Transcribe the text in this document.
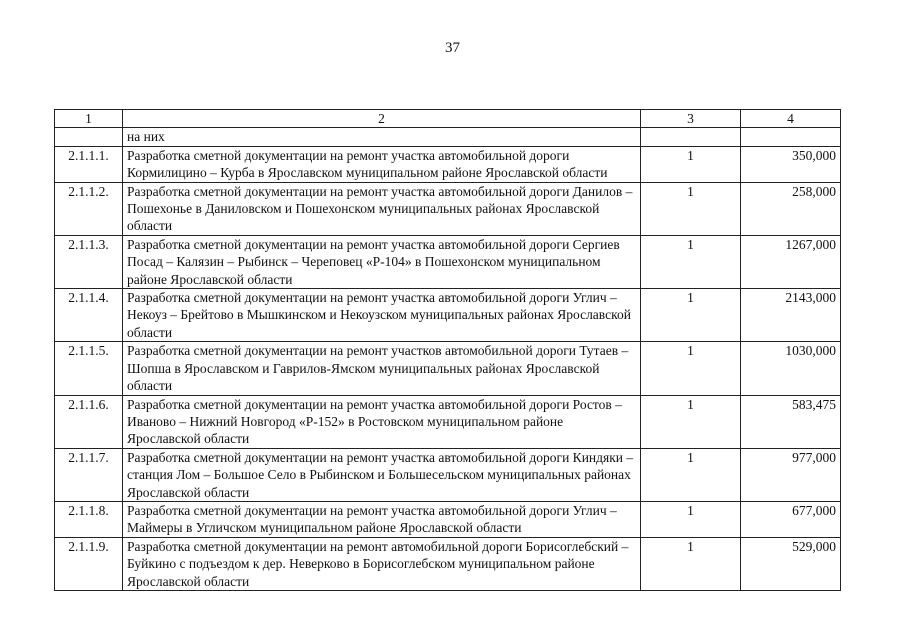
37
1	2	3	4
	на них		
2.1.1.1.	Разработка сметной документации на ремонт участка автомобильной дороги Кормилицино – Курба в Ярославском муниципальном районе Ярославской области	1	350,000
2.1.1.2.	Разработка сметной документации на ремонт участка автомобильной дороги Данилов – Пошехонье в Даниловском и Пошехонском муниципальных районах Ярославской области	1	258,000
2.1.1.3.	Разработка сметной документации на ремонт участка автомобильной дороги Сергиев Посад – Калязин – Рыбинск – Череповец «Р-104» в Пошехонском муниципальном районе Ярославской области	1	1267,000
2.1.1.4.	Разработка сметной документации на ремонт участка автомобильной дороги Углич – Некоуз – Брейтово в Мышкинском и Некоузском муниципальных районах Ярославской области	1	2143,000
2.1.1.5.	Разработка сметной документации на ремонт участков автомобильной дороги Тутаев – Шопша в Ярославском и Гаврилов-Ямском муниципальных районах Ярославской области	1	1030,000
2.1.1.6.	Разработка сметной документации на ремонт участка автомобильной дороги Ростов – Иваново – Нижний Новгород «Р-152» в Ростовском муниципальном районе Ярославской области	1	583,475
2.1.1.7.	Разработка сметной документации на ремонт участка автомобильной дороги Киндяки – станция Лом – Большое Село в Рыбинском и Большесельском муниципальных районах Ярославской области	1	977,000
2.1.1.8.	Разработка сметной документации на ремонт участка автомобильной дороги Углич – Маймеры в Угличском муниципальном районе Ярославской области	1	677,000
2.1.1.9.	Разработка сметной документации на ремонт автомобильной дороги Борисоглебский – Буйкино с подъездом к дер. Неверково в Борисоглебском муниципальном районе Ярославской области	1	529,000
